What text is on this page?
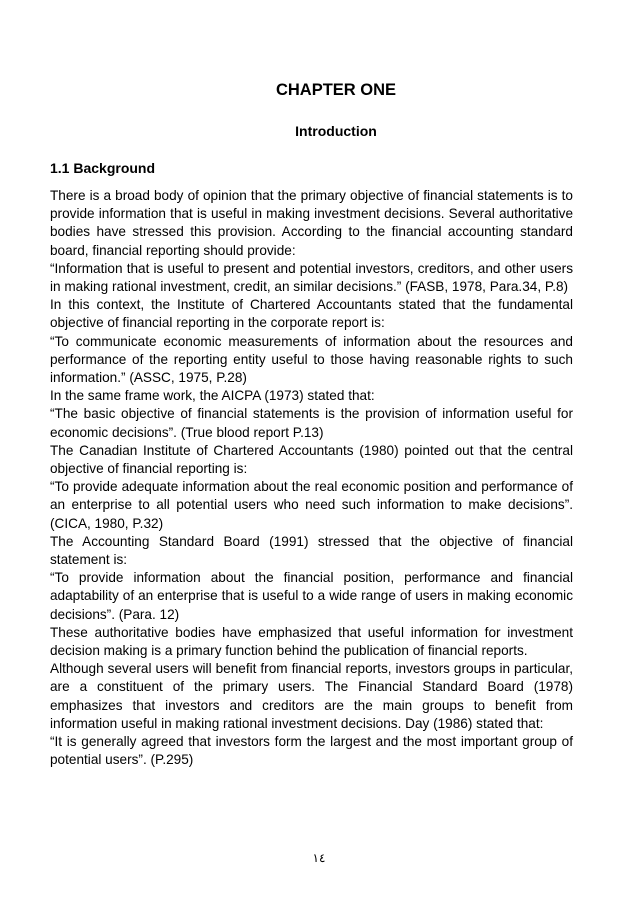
CHAPTER ONE
Introduction
1.1 Background

There is a broad body of opinion that the primary objective of financial statements is to provide information that is useful in making investment decisions. Several authoritative bodies have stressed this provision. According to the financial accounting standard board, financial reporting should provide:

“Information that is useful to present and potential investors, creditors, and other users in making rational investment, credit, an similar decisions.” (FASB, 1978, Para.34, P.8)

In this context, the Institute of Chartered Accountants stated that the fundamental objective of financial reporting in the corporate report is:

“To communicate economic measurements of information about the resources and performance of the reporting entity useful to those having reasonable rights to such information.” (ASSC, 1975, P.28)

In the same frame work, the AICPA (1973) stated that:

“The basic objective of financial statements is the provision of information useful for economic decisions”. (True blood report P.13)

The Canadian Institute of Chartered Accountants (1980) pointed out that the central objective of financial reporting is:

“To provide adequate information about the real economic position and performance of an enterprise to all potential users who need such information to make decisions”. (CICA, 1980, P.32)

The Accounting Standard Board (1991) stressed that the objective of financial statement is:

“To provide information about the financial position, performance and financial adaptability of an enterprise that is useful to a wide range of users in making economic decisions”. (Para. 12)

These authoritative bodies have emphasized that useful information for investment decision making is a primary function behind the publication of financial reports.

Although several users will benefit from financial reports, investors groups in particular, are a constituent of the primary users. The Financial Standard Board (1978) emphasizes that investors and creditors are the main groups to benefit from information useful in making rational investment decisions. Day (1986) stated that:

“It is generally agreed that investors form the largest and the most important group of potential users”. (P.295)

١٤
